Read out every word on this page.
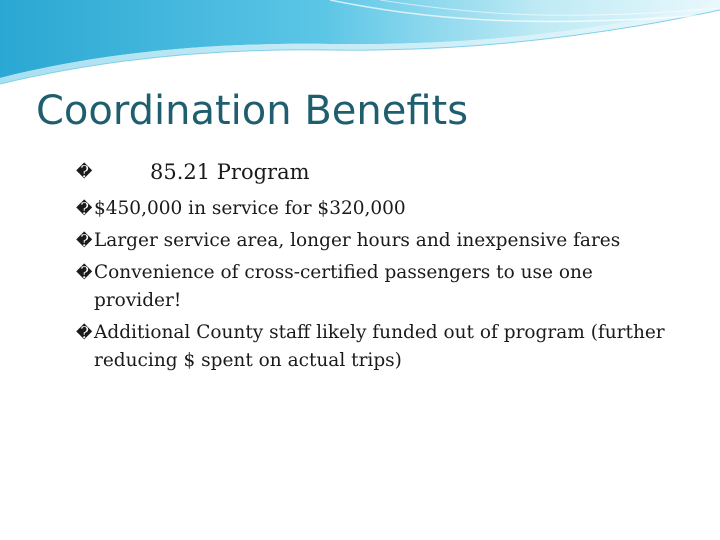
Coordination Benefits
�	85.21 Program
� $450,000 in service for $320,000
� Larger service area, longer hours and inexpensive fares
� Convenience of cross-certified passengers to use one provider!
� Additional County staff likely funded out of program (further reducing $ spent on actual trips)
